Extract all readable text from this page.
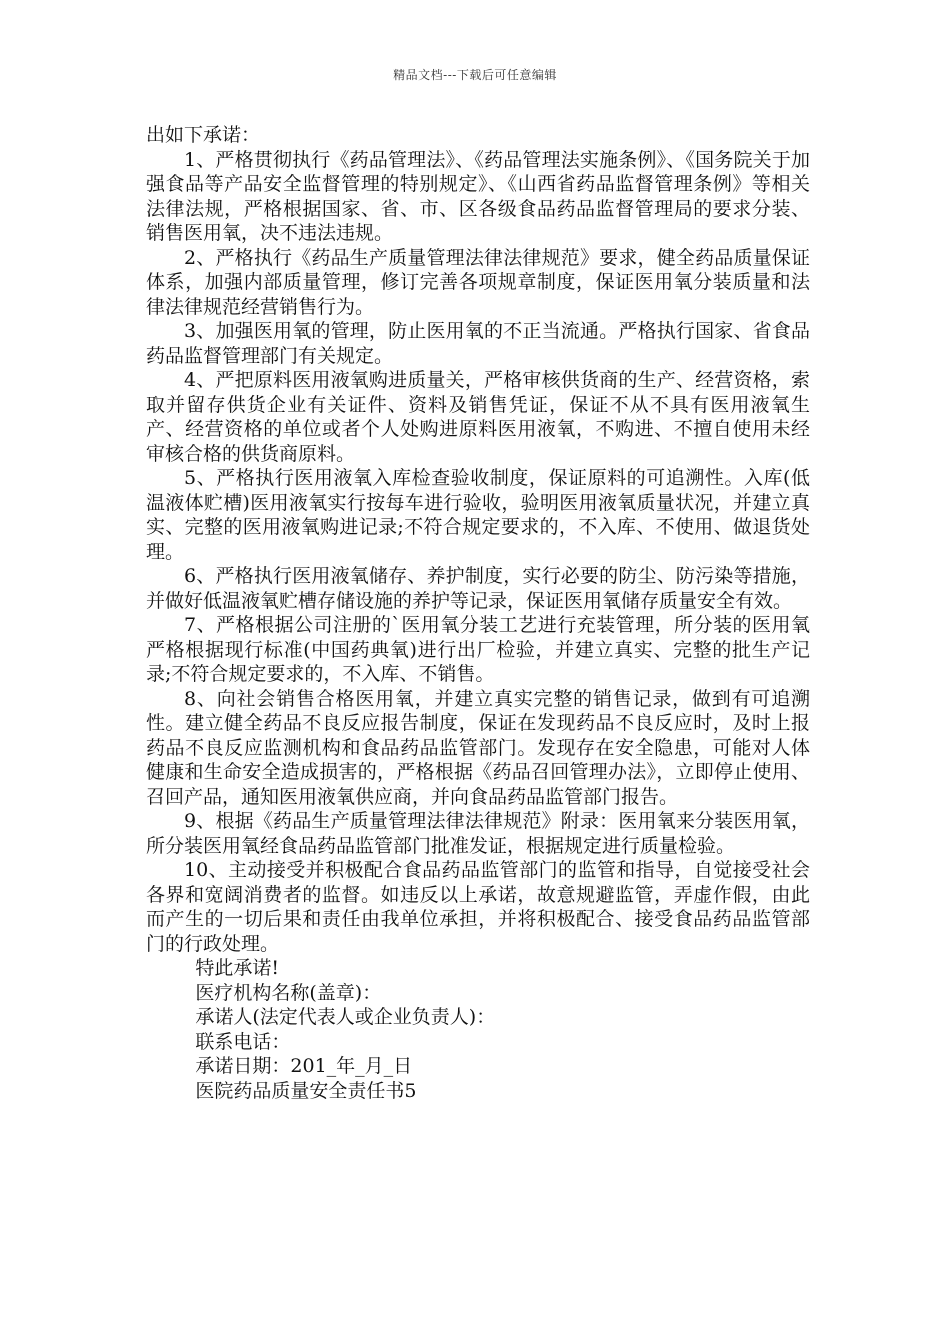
精品文档---下载后可任意编辑

出如下承诺：

1、严格贯彻执行《药品管理法》、《药品管理法实施条例》、《国务院关于加强食品等产品安全监督管理的特别规定》、《山西省药品监督管理条例》等相关法律法规，严格根据国家、省、市、区各级食品药品监督管理局的要求分装、销售医用氧，决不违法违规。

2、严格执行《药品生产质量管理法律法律规范》要求，健全药品质量保证体系，加强内部质量管理，修订完善各项规章制度，保证医用氧分装质量和法律法律规范经营销售行为。

3、加强医用氧的管理，防止医用氧的不正当流通。严格执行国家、省食品药品监督管理部门有关规定。

4、严把原料医用液氧购进质量关，严格审核供货商的生产、经营资格，索取并留存供货企业有关证件、资料及销售凭证，保证不从不具有医用液氧生产、经营资格的单位或者个人处购进原料医用液氧，不购进、不擅自使用未经审核合格的供货商原料。

5、严格执行医用液氧入库检查验收制度，保证原料的可追溯性。入库(低温液体贮槽)医用液氧实行按每车进行验收，验明医用液氧质量状况，并建立真实、完整的医用液氧购进记录;不符合规定要求的，不入库、不使用、做退货处理。

6、严格执行医用液氧储存、养护制度，实行必要的防尘、防污染等措施，并做好低温液氧贮槽存储设施的养护等记录，保证医用氧储存质量安全有效。

7、严格根据公司注册的`医用氧分装工艺进行充装管理，所分装的医用氧严格根据现行标准(中国药典氧)进行出厂检验，并建立真实、完整的批生产记录;不符合规定要求的，不入库、不销售。

8、向社会销售合格医用氧，并建立真实完整的销售记录，做到有可追溯性。建立健全药品不良反应报告制度，保证在发现药品不良反应时，及时上报药品不良反应监测机构和食品药品监管部门。发现存在安全隐患，可能对人体健康和生命安全造成损害的，严格根据《药品召回管理办法》，立即停止使用、召回产品，通知医用液氧供应商，并向食品药品监管部门报告。

9、根据《药品生产质量管理法律法律规范》附录：医用氧来分装医用氧，所分装医用氧经食品药品监管部门批准发证，根据规定进行质量检验。

10、主动接受并积极配合食品药品监管部门的监管和指导，自觉接受社会各界和宽阔消费者的监督。如违反以上承诺，故意规避监管，弄虚作假，由此而产生的一切后果和责任由我单位承担，并将积极配合、接受食品药品监管部门的行政处理。

特此承诺!

医疗机构名称(盖章)：

承诺人(法定代表人或企业负责人)：

联系电话：

承诺日期：201_年_月_日

医院药品质量安全责任书5
